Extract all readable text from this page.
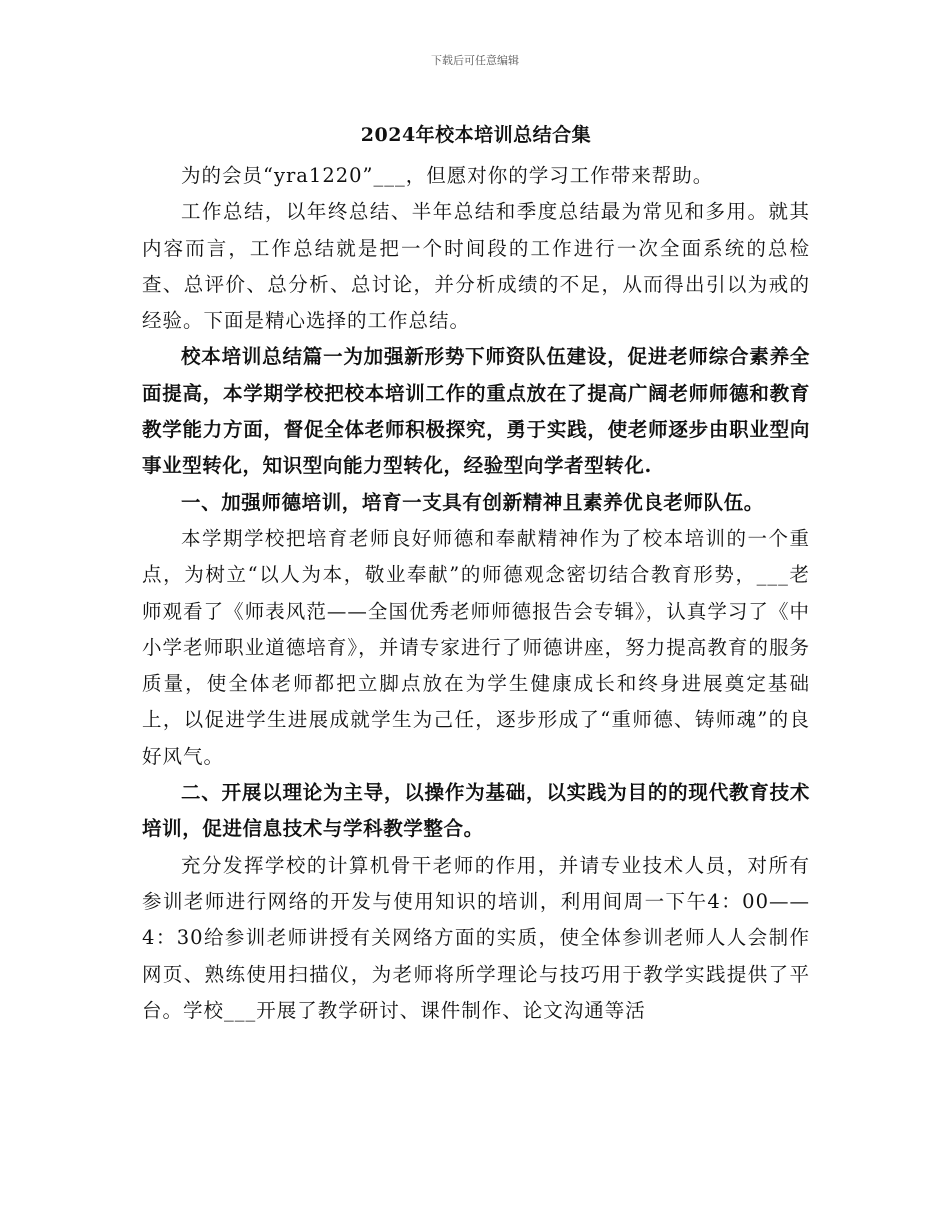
下载后可任意编辑
2024年校本培训总结合集

为的会员“yra1220”___，但愿对你的学习工作带来帮助。

工作总结，以年终总结、半年总结和季度总结最为常见和多用。就其内容而言，工作总结就是把一个时间段的工作进行一次全面系统的总检查、总评价、总分析、总讨论，并分析成绩的不足，从而得出引以为戒的经验。下面是精心选择的工作总结。

校本培训总结篇一为加强新形势下师资队伍建设，促进老师综合素养全面提高，本学期学校把校本培训工作的重点放在了提高广阔老师师德和教育教学能力方面，督促全体老师积极探究，勇于实践，使老师逐步由职业型向事业型转化，知识型向能力型转化，经验型向学者型转化.

一、加强师德培训，培育一支具有创新精神且素养优良老师队伍。

本学期学校把培育老师良好师德和奉献精神作为了校本培训的一个重点，为树立“以人为本，敬业奉献”的师德观念密切结合教育形势，___老师观看了《师表风范——全国优秀老师师德报告会专辑》，认真学习了《中小学老师职业道德培育》，并请专家进行了师德讲座，努力提高教育的服务质量，使全体老师都把立脚点放在为学生健康成长和终身进展奠定基础上，以促进学生进展成就学生为己任，逐步形成了“重师德、铸师魂”的良好风气。

二、开展以理论为主导，以操作为基础，以实践为目的的现代教育技术培训，促进信息技术与学科教学整合。

充分发挥学校的计算机骨干老师的作用，并请专业技术人员，对所有参训老师进行网络的开发与使用知识的培训，利用间周一下午4：00——4：30给参训老师讲授有关网络方面的实质，使全体参训老师人人会制作网页、熟练使用扫描仪，为老师将所学理论与技巧用于教学实践提供了平台。学校___开展了教学研讨、课件制作、论文沟通等活
